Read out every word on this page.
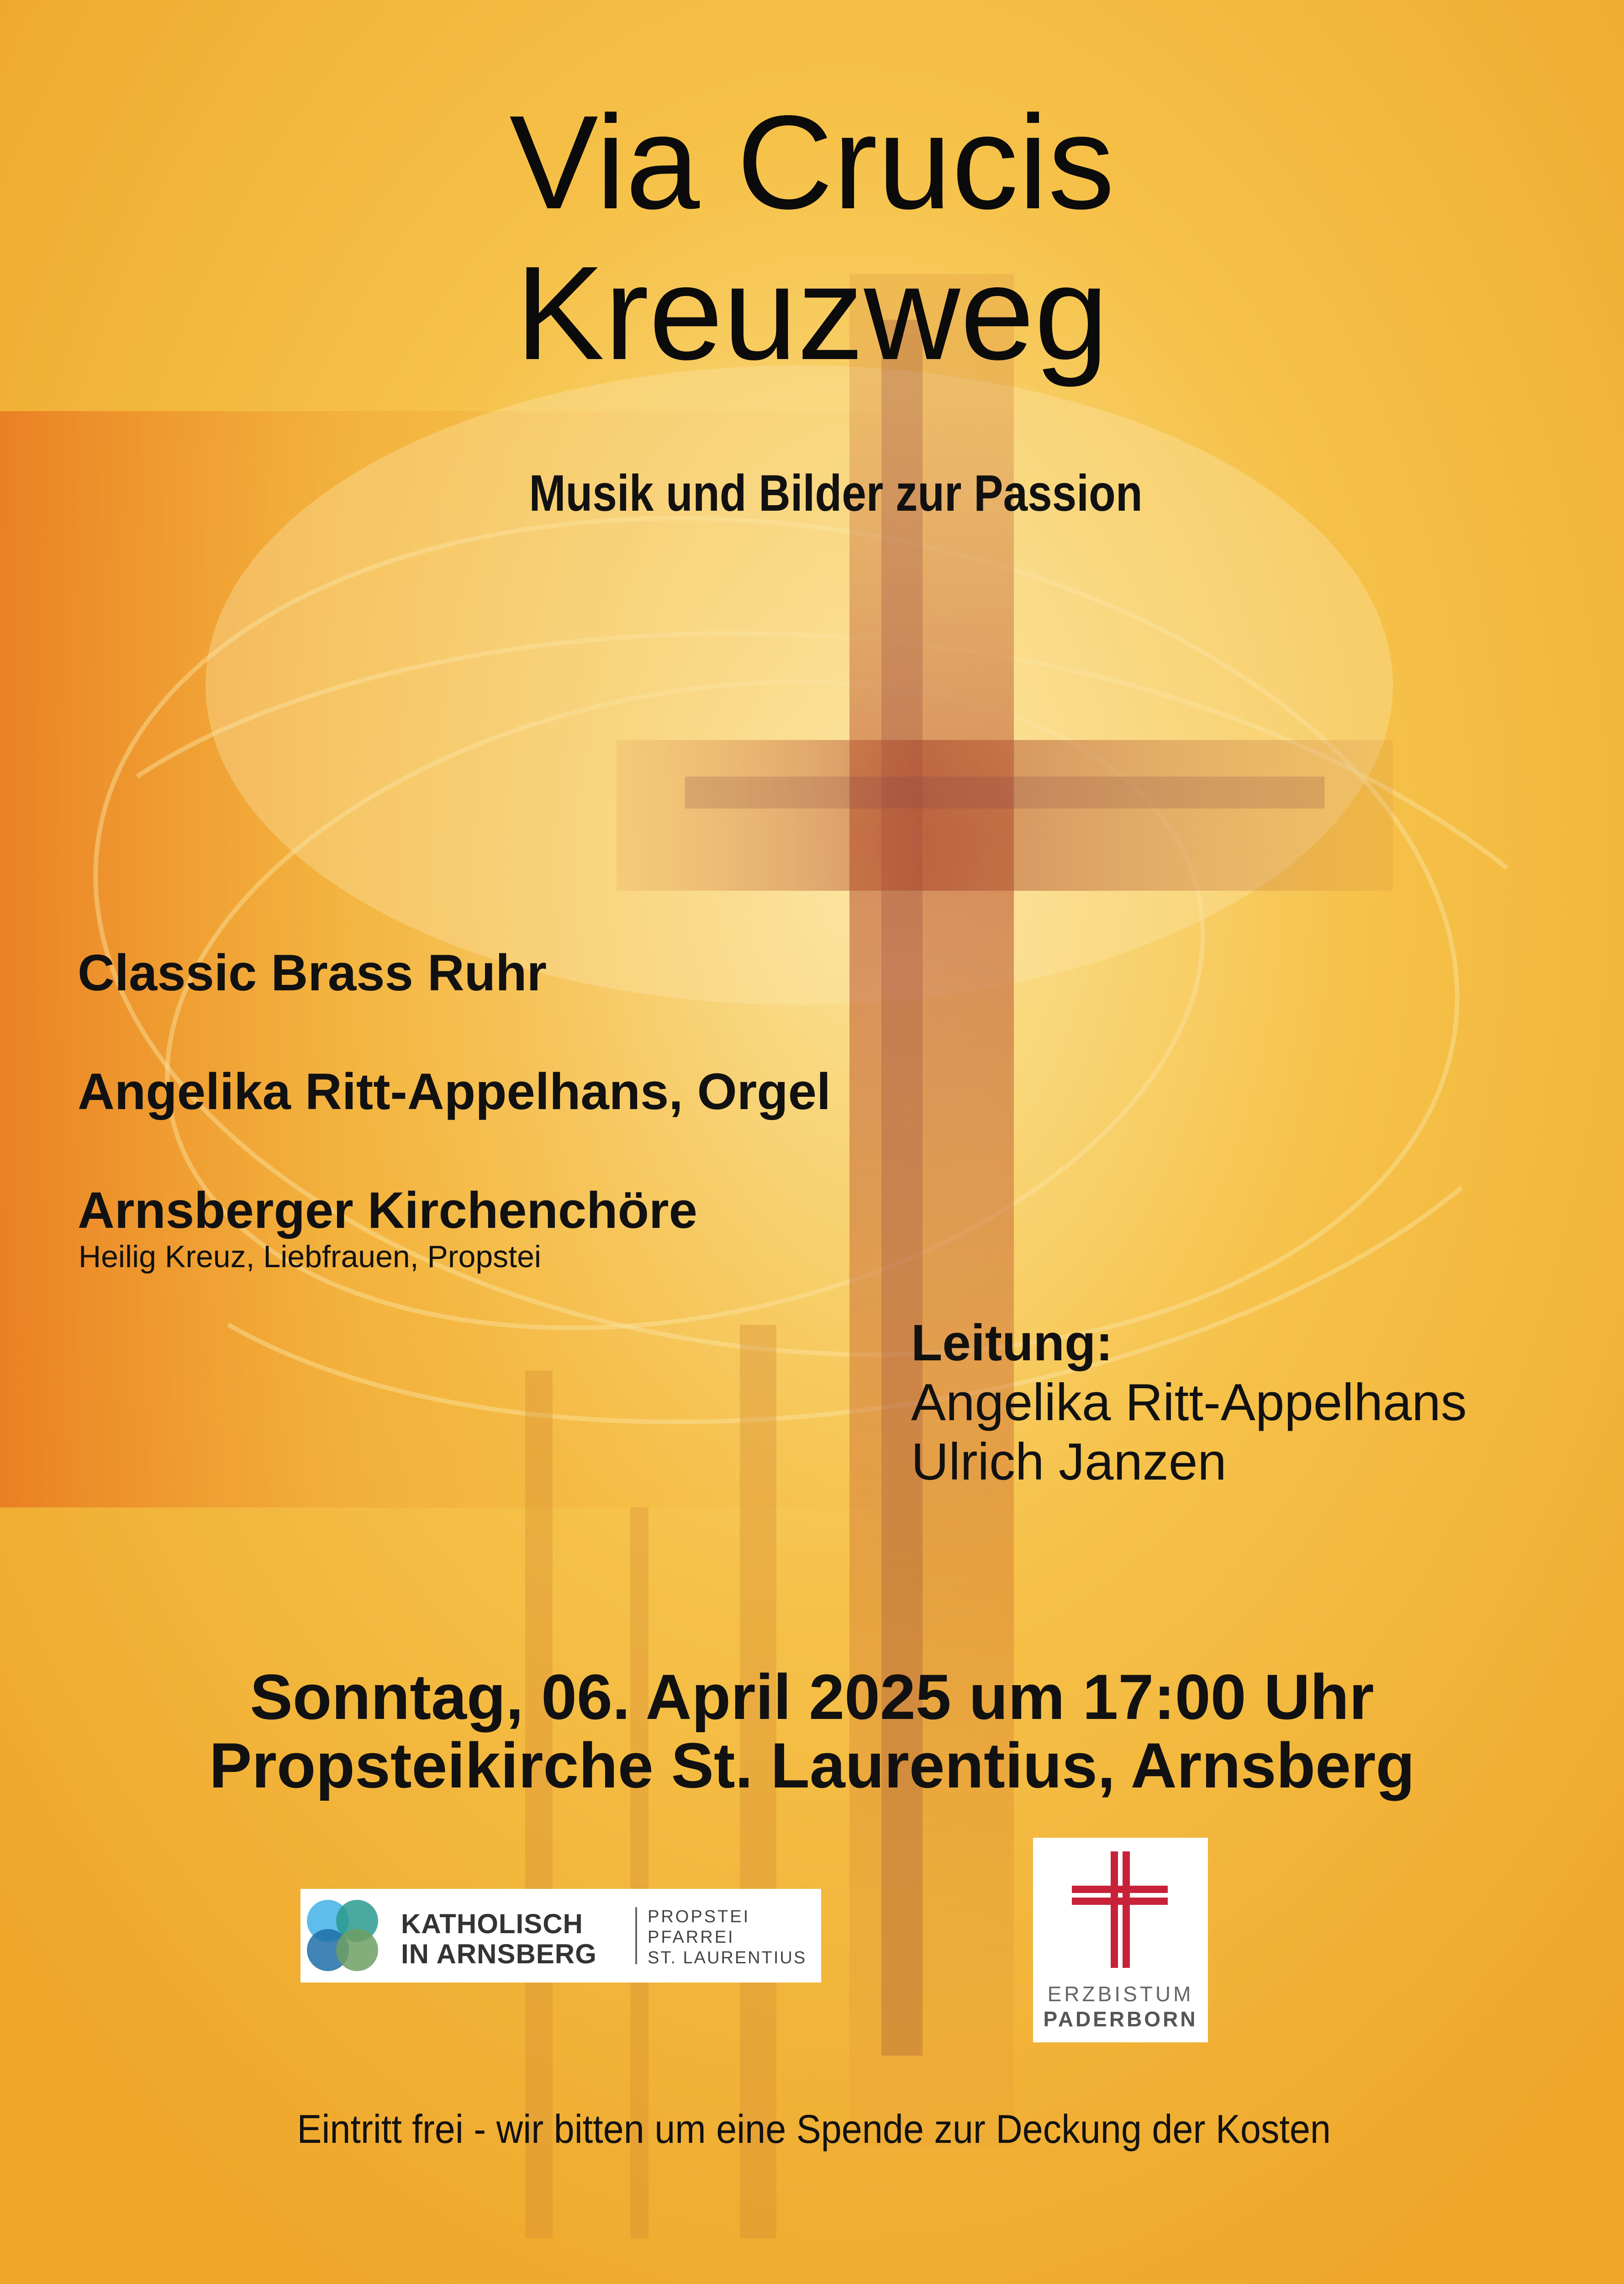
Via Crucis
Kreuzweg
Musik und Bilder zur Passion
Classic Brass Ruhr
Angelika Ritt-Appelhans, Orgel
Arnsberger Kirchenchöre
Heilig Kreuz, Liebfrauen, Propstei
Leitung:
Angelika Ritt-Appelhans
Ulrich Janzen
Sonntag, 06. April 2025 um 17:00 Uhr
Propsteikirche St. Laurentius, Arnsberg
KATHOLISCH
IN ARNSBERG
PROPSTEI
PFARREI
ST. LAURENTIUS
ERZBISTUM
PADERBORN
Eintritt frei - wir bitten um eine Spende zur Deckung der Kosten
